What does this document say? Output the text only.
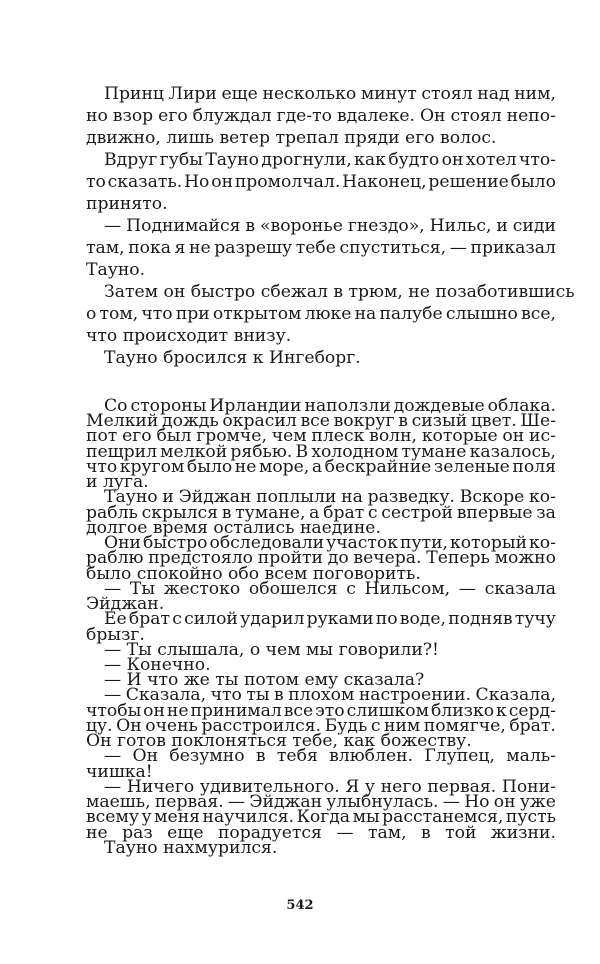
Принц Лири еще несколько минут стоял над ним,
но взор его блуждал где-то вдалеке. Он стоял непо-
движно, лишь ветер трепал пряди его волос.
Вдруг губы Тауно дрогнули, как будто он хотел что-
то сказать. Но он промолчал. Наконец, решение было
принято.
— Поднимайся в «воронье гнездо», Нильс, и сиди
там, пока я не разрешу тебе спуститься, — приказал
Тауно.
Затем он быстро сбежал в трюм, не позаботившись
о том, что при открытом люке на палубе слышно все,
что происходит внизу.
Тауно бросился к Ингеборг.
Со стороны Ирландии наползли дождевые облака.
Мелкий дождь окрасил все вокруг в сизый цвет. Ше-
пот его был громче, чем плеск волн, которые он ис-
пещрил мелкой рябью. В холодном тумане казалось,
что кругом было не море, а бескрайние зеленые поля
и луга.
Тауно и Эйджан поплыли на разведку. Вскоре ко-
рабль скрылся в тумане, а брат с сестрой впервые за
долгое время остались наедине.
Они быстро обследовали участок пути, который ко-
раблю предстояло пройти до вечера. Теперь можно
было спокойно обо всем поговорить.
— Ты жестоко обошелся с Нильсом, — сказала
Эйджан.
Ее брат с силой ударил руками по воде, подняв тучу
брызг.
— Ты слышала, о чем мы говорили?!
— Конечно.
— И что же ты потом ему сказала?
— Сказала, что ты в плохом настроении. Сказала,
чтобы он не принимал все это слишком близко к серд-
цу. Он очень расстроился. Будь с ним помягче, брат.
Он готов поклоняться тебе, как божеству.
— Он безумно в тебя влюблен. Глупец, маль-
чишка!
— Ничего удивительного. Я у него первая. Пони-
маешь, первая. — Эйджан улыбнулась. — Но он уже
всему у меня научился. Когда мы расстанемся, пусть
не раз еще порадуется — там, в той жизни.
Тауно нахмурился.
542
